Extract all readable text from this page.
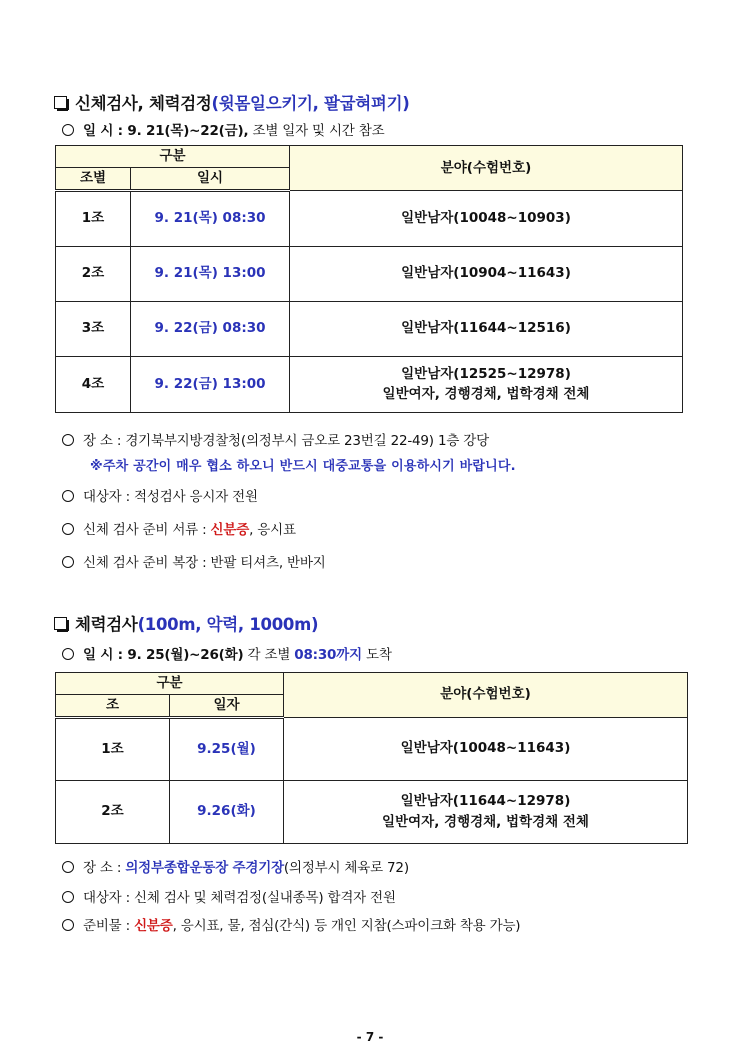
신체검사, 체력검정(윗몸일으키기, 팔굽혀펴기)
일 시 : 9. 21(목)~22(금), 조별 일자 및 시간 참조
구분		분야(수험번호)
조별	일시	
1조	9. 21(목) 08:30	일반남자(10048~10903)
2조	9. 21(목) 13:00	일반남자(10904~11643)
3조	9. 22(금) 08:30	일반남자(11644~12516)
4조	9. 22(금) 13:00	일반남자(12525~12978)
일반여자, 경행경채, 법학경채 전체
장 소 : 경기북부지방경찰청(의정부시 금오로 23번길 22-49) 1층 강당
※주차 공간이 매우 협소 하오니 반드시 대중교통을 이용하시기 바랍니다.
대상자 : 적성검사 응시자 전원
신체 검사 준비 서류 : 신분증, 응시표
신체 검사 준비 복장 : 반팔 티셔츠, 반바지
체력검사(100m, 악력, 1000m)
일 시 : 9. 25(월)~26(화) 각 조별 08:30까지 도착
구분		분야(수험번호)
조	일자	
1조	9.25(월)	일반남자(10048~11643)
2조	9.26(화)	일반남자(11644~12978)
일반여자, 경행경채, 법학경채 전체
장 소 : 의정부종합운동장 주경기장(의정부시 체육로 72)
대상자 : 신체 검사 및 체력검정(실내종목) 합격자 전원
준비물 : 신분증, 응시표, 물, 점심(간식) 등 개인 지참(스파이크화 착용 가능)
- 7 -
